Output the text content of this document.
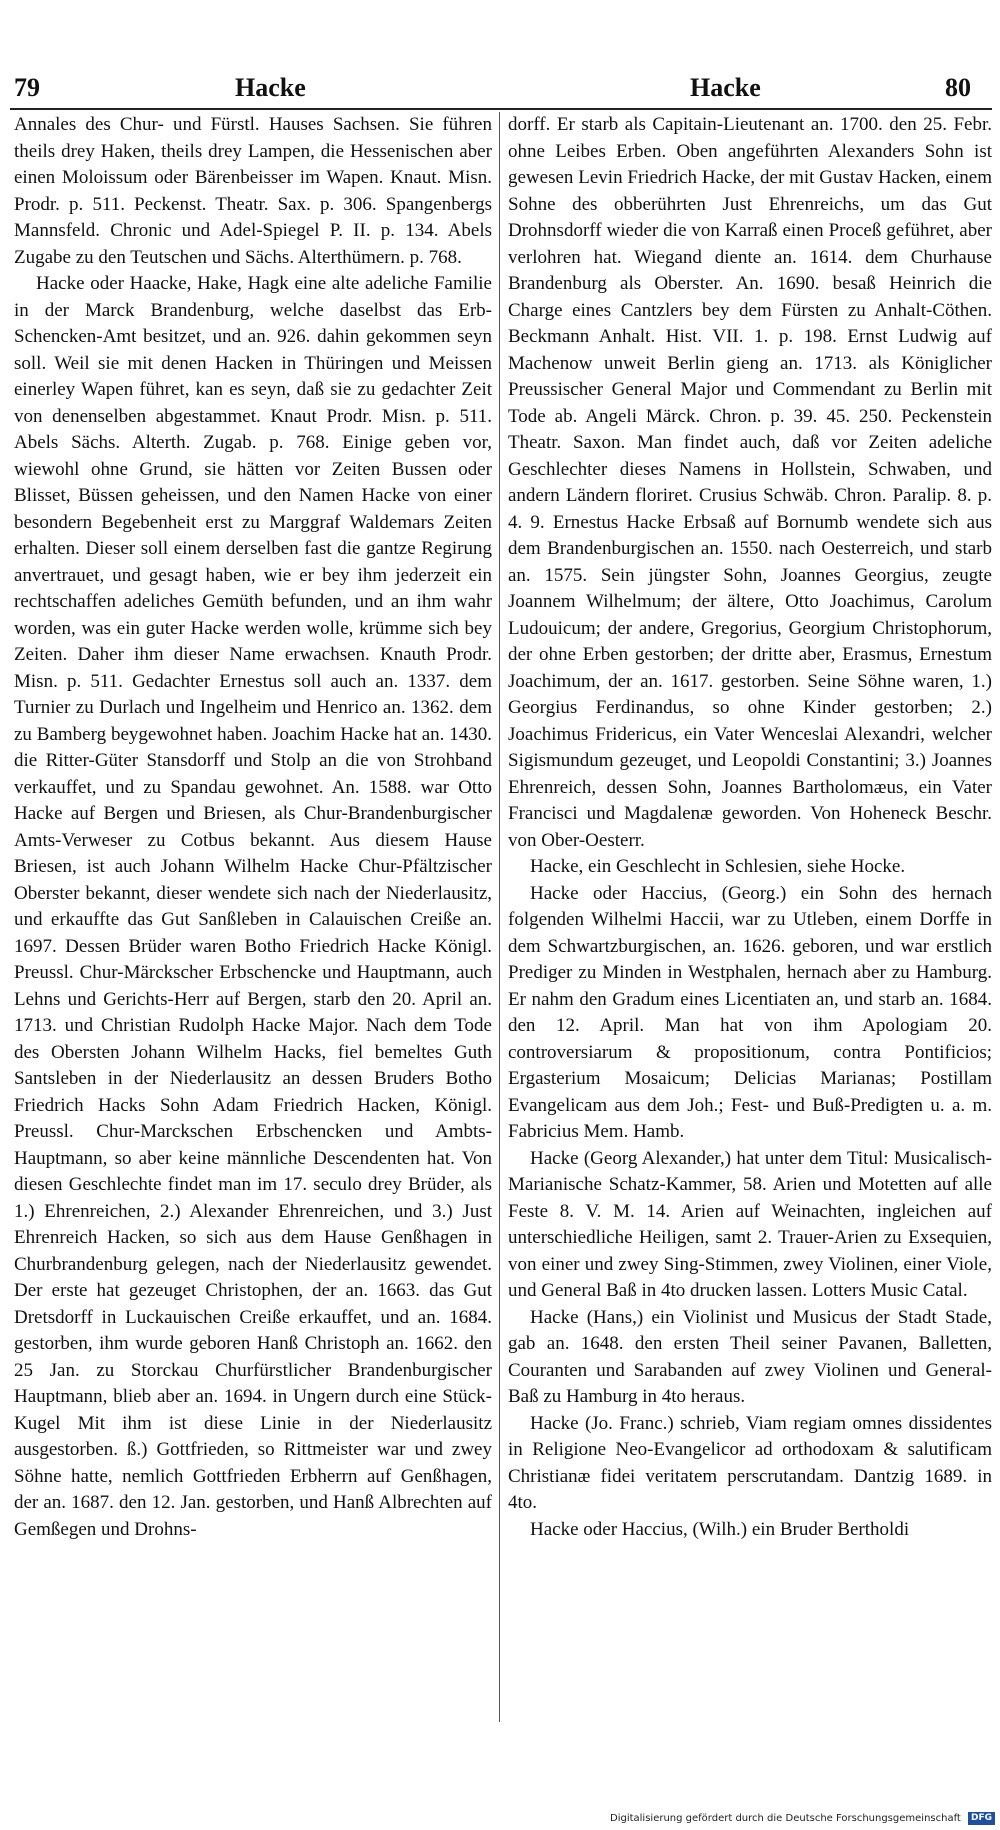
79	Hacke	Hacke	80

Annales des Chur- und Fürstl. Hauses Sachsen. Sie führen theils drey Haken, theils drey Lampen, die Hessenischen aber einen Moloissum oder Bärenbeisser im Wapen. Knaut. Misn. Prodr. p. 511. Peckenst. Theatr. Sax. p. 306. Spangenbergs Mannsfeld. Chronic und Adel-Spiegel P. II. p. 134. Abels Zugabe zu den Teutschen und Sächs. Alterthümern. p. 768.

Hacke oder Haacke, Hake, Hagk eine alte adeliche Familie in der Marck Brandenburg, welche daselbst das Erb-Schencken-Amt besitzet, und an. 926. dahin gekommen seyn soll. Weil sie mit denen Hacken in Thüringen und Meissen einerley Wapen führet, kan es seyn, daß sie zu gedachter Zeit von denenselben abgestammet. Knaut Prodr. Misn. p. 511. Abels Sächs. Alterth. Zugab. p. 768. Einige geben vor, wiewohl ohne Grund, sie hätten vor Zeiten Bussen oder Blisset, Büssen geheissen, und den Namen Hacke von einer besondern Begebenheit erst zu Marggraf Waldemars Zeiten erhalten. Dieser soll einem derselben fast die gantze Regirung anvertrauet, und gesagt haben, wie er bey ihm jederzeit ein rechtschaffen adeliches Gemüth befunden, und an ihm wahr worden, was ein guter Hacke werden wolle, krümme sich bey Zeiten. Daher ihm dieser Name erwachsen. Knauth Prodr. Misn. p. 511. Gedachter Ernestus soll auch an. 1337. dem Turnier zu Durlach und Ingelheim und Henrico an. 1362. dem zu Bamberg beygewohnet haben. Joachim Hacke hat an. 1430. die Ritter-Güter Stansdorff und Stolp an die von Strohband verkauffet, und zu Spandau gewohnet. An. 1588. war Otto Hacke auf Bergen und Briesen, als Chur-Brandenburgischer Amts-Verweser zu Cotbus bekannt. Aus diesem Hause Briesen, ist auch Johann Wilhelm Hacke Chur-Pfältzischer Oberster bekannt, dieser wendete sich nach der Niederlausitz, und erkauffte das Gut Sanßleben in Calauischen Creiße an. 1697. Dessen Brüder waren Botho Friedrich Hacke Königl. Preussl. Chur-Märckscher Erbschencke und Hauptmann, auch Lehns und Gerichts-Herr auf Bergen, starb den 20. April an. 1713. und Christian Rudolph Hacke Major. Nach dem Tode des Obersten Johann Wilhelm Hacks, fiel bemeltes Guth Santsleben in der Niederlausitz an dessen Bruders Botho Friedrich Hacks Sohn Adam Friedrich Hacken, Königl. Preussl. Chur-Marckschen Erbschencken und Ambts-Hauptmann, so aber keine männliche Descendenten hat. Von diesen Geschlechte findet man im 17. seculo drey Brüder, als 1.) Ehrenreichen, 2.) Alexander Ehrenreichen, und 3.) Just Ehrenreich Hacken, so sich aus dem Hause Genßhagen in Churbrandenburg gelegen, nach der Niederlausitz gewendet. Der erste hat gezeuget Christophen, der an. 1663. das Gut Dretsdorff in Luckauischen Creiße erkauffet, und an. 1684. gestorben, ihm wurde geboren Hanß Christoph an. 1662. den 25 Jan. zu Storckau Churfürstlicher Brandenburgischer Hauptmann, blieb aber an. 1694. in Ungern durch eine Stück-Kugel Mit ihm ist diese Linie in der Niederlausitz ausgestorben. ß.) Gottfrieden, so Rittmeister war und zwey Söhne hatte, nemlich Gottfrieden Erbherrn auf Genßhagen, der an. 1687. den 12. Jan. gestorben, und Hanß Albrechten auf Gemßegen und Drohns-

dorff. Er starb als Capitain-Lieutenant an. 1700. den 25. Febr. ohne Leibes Erben. Oben angeführten Alexanders Sohn ist gewesen Levin Friedrich Hacke, der mit Gustav Hacken, einem Sohne des obberührten Just Ehrenreichs, um das Gut Drohnsdorff wieder die von Karraß einen Proceß geführet, aber verlohren hat. Wiegand diente an. 1614. dem Churhause Brandenburg als Oberster. An. 1690. besaß Heinrich die Charge eines Cantzlers bey dem Fürsten zu Anhalt-Cöthen. Beckmann Anhalt. Hist. VII. 1. p. 198. Ernst Ludwig auf Machenow unweit Berlin gieng an. 1713. als Königlicher Preussischer General Major und Commendant zu Berlin mit Tode ab. Angeli Märck. Chron. p. 39. 45. 250. Peckenstein Theatr. Saxon. Man findet auch, daß vor Zeiten adeliche Geschlechter dieses Namens in Hollstein, Schwaben, und andern Ländern floriret. Crusius Schwäb. Chron. Paralip. 8. p. 4. 9. Ernestus Hacke Erbsaß auf Bornumb wendete sich aus dem Brandenburgischen an. 1550. nach Oesterreich, und starb an. 1575. Sein jüngster Sohn, Joannes Georgius, zeugte Joannem Wilhelmum; der ältere, Otto Joachimus, Carolum Ludouicum; der andere, Gregorius, Georgium Christophorum, der ohne Erben gestorben; der dritte aber, Erasmus, Ernestum Joachimum, der an. 1617. gestorben. Seine Söhne waren, 1.) Georgius Ferdinandus, so ohne Kinder gestorben; 2.) Joachimus Fridericus, ein Vater Wenceslai Alexandri, welcher Sigismundum gezeuget, und Leopoldi Constantini; 3.) Joannes Ehrenreich, dessen Sohn, Joannes Bartholomæus, ein Vater Francisci und Magdalenæ geworden. Von Hoheneck Beschr. von Ober-Oesterr.

Hacke, ein Geschlecht in Schlesien, siehe Hocke.

Hacke oder Haccius, (Georg.) ein Sohn des hernach folgenden Wilhelmi Haccii, war zu Utleben, einem Dorffe in dem Schwartzburgischen, an. 1626. geboren, und war erstlich Prediger zu Minden in Westphalen, hernach aber zu Hamburg. Er nahm den Gradum eines Licentiaten an, und starb an. 1684. den 12. April. Man hat von ihm Apologiam 20. controversiarum & propositionum, contra Pontificios; Ergasterium Mosaicum; Delicias Marianas; Postillam Evangelicam aus dem Joh.; Fest- und Buß-Predigten u. a. m. Fabricius Mem. Hamb.

Hacke (Georg Alexander,) hat unter dem Titul: Musicalisch-Marianische Schatz-Kammer, 58. Arien und Motetten auf alle Feste 8. V. M. 14. Arien auf Weinachten, ingleichen auf unterschiedliche Heiligen, samt 2. Trauer-Arien zu Exsequien, von einer und zwey Sing-Stimmen, zwey Violinen, einer Viole, und General Baß in 4to drucken lassen. Lotters Music Catal.

Hacke (Hans,) ein Violinist und Musicus der Stadt Stade, gab an. 1648. den ersten Theil seiner Pavanen, Balletten, Couranten und Sarabanden auf zwey Violinen und General-Baß zu Hamburg in 4to heraus.

Hacke (Jo. Franc.) schrieb, Viam regiam omnes dissidentes in Religione Neo-Evangelicor ad orthodoxam & salutificam Christianæ fidei veritatem perscrutandam. Dantzig 1689. in 4to.

Hacke oder Haccius, (Wilh.) ein Bruder Bertholdi

Digitalisierung gefördert durch die Deutsche Forschungsgemeinschaft DFG
